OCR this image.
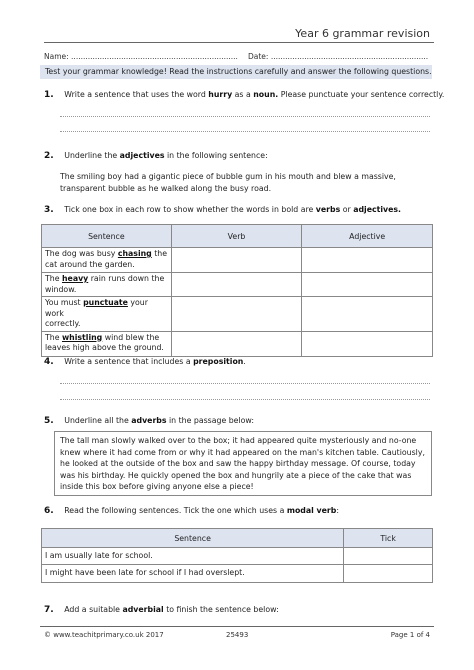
Year 6 grammar revision
Name: ...................................................................... Date: ..................................................................
Test your grammar knowledge! Read the instructions carefully and answer the following questions.
1. Write a sentence that uses the word hurry as a noun. Please punctuate your sentence correctly.
2. Underline the adjectives in the following sentence:
The smiling boy had a gigantic piece of bubble gum in his mouth and blew a massive,
transparent bubble as he walked along the busy road.
3. Tick one box in each row to show whether the words in bold are verbs or adjectives.
Sentence	Verb	Adjective
The dog was busy chasing the
cat around the garden.		
The heavy rain runs down the
window.		
You must punctuate your work
correctly.		
The whistling wind blew the
leaves high above the ground.		
4. Write a sentence that includes a preposition.
5. Underline all the adverbs in the passage below:
The tall man slowly walked over to the box; it had appeared quite mysteriously and no-one
knew where it had come from or why it had appeared on the man's kitchen table. Cautiously,
he looked at the outside of the box and saw the happy birthday message. Of course, today
was his birthday. He quickly opened the box and hungrily ate a piece of the cake that was
inside this box before giving anyone else a piece!
6. Read the following sentences. Tick the one which uses a modal verb:
Sentence	Tick
I am usually late for school.	
I might have been late for school if I had overslept.	
7. Add a suitable adverbial to finish the sentence below:
© www.teachitprimary.co.uk 2017	25493	Page 1 of 4
